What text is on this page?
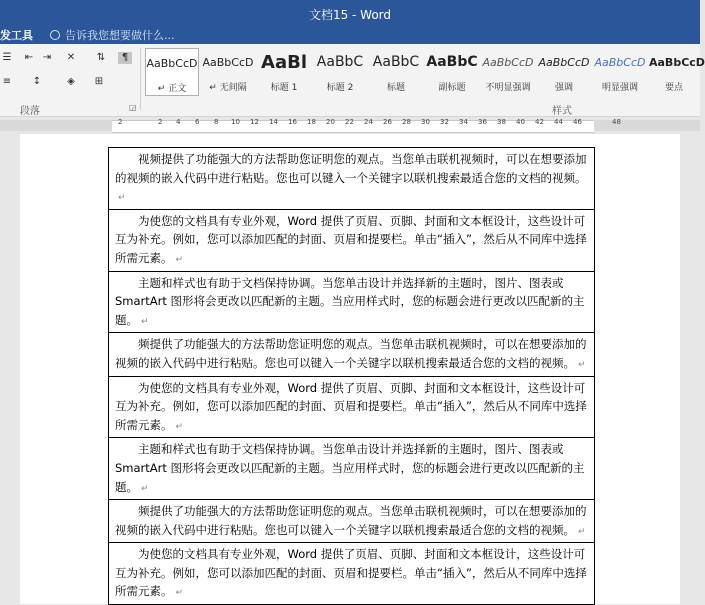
文档15 - Word
发工具	告诉我您想要做什么...
☰ ⇤ ⇥ ✕ ⇅	¶
≡ ↕	◈	⊞
段落	◲
AaBbCcD
↵ 正文
AaBbCcD
↵ 无间隔
AaBl
标题 1
AaBbC
标题 2
AaBbC
标题
AaBbC
副标题
AaBbCcD
不明显强调
AaBbCcD
强调
AaBbCcD
明显强调
AaBbCcD
要点
样式
2	2 4 6 8 10 12 14 16 18 20 22 24 26 28 30 32 34 36 38 40 42 44 46	48
视频提供了功能强大的方法帮助您证明您的观点。当您单击联机视频时，可以在想要添加的视频的嵌入代码中进行粘贴。您也可以键入一个关键字以联机搜索最适合您的文档的视频。↵
为使您的文档具有专业外观，Word 提供了页眉、页脚、封面和文本框设计，这些设计可互为补充。例如，您可以添加匹配的封面、页眉和提要栏。单击“插入”，然后从不同库中选择所需元素。 ↵
主题和样式也有助于文档保持协调。当您单击设计并选择新的主题时，图片、图表或 SmartArt 图形将会更改以匹配新的主题。当应用样式时，您的标题会进行更改以匹配新的主题。 ↵
频提供了功能强大的方法帮助您证明您的观点。当您单击联机视频时，可以在想要添加的视频的嵌入代码中进行粘贴。您也可以键入一个关键字以联机搜索最适合您的文档的视频。 ↵
为使您的文档具有专业外观，Word 提供了页眉、页脚、封面和文本框设计，这些设计可互为补充。例如，您可以添加匹配的封面、页眉和提要栏。单击“插入”，然后从不同库中选择所需元素。 ↵
主题和样式也有助于文档保持协调。当您单击设计并选择新的主题时，图片、图表或 SmartArt 图形将会更改以匹配新的主题。当应用样式时，您的标题会进行更改以匹配新的主题。 ↵
频提供了功能强大的方法帮助您证明您的观点。当您单击联机视频时，可以在想要添加的视频的嵌入代码中进行粘贴。您也可以键入一个关键字以联机搜索最适合您的文档的视频。 ↵
为使您的文档具有专业外观，Word 提供了页眉、页脚、封面和文本框设计，这些设计可互为补充。例如，您可以添加匹配的封面、页眉和提要栏。单击“插入”，然后从不同库中选择所需元素。 ↵
